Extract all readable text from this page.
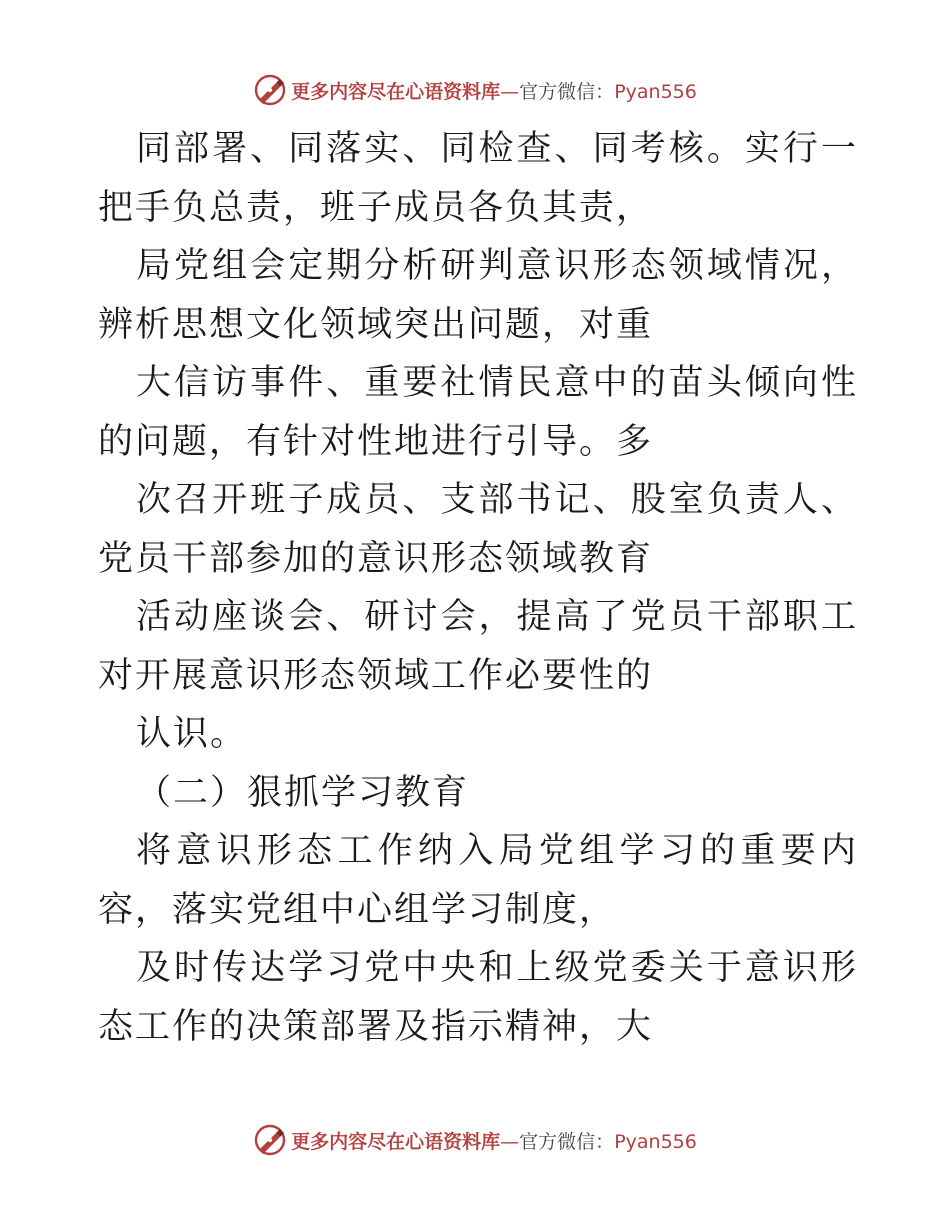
更多内容尽在心语资料库 — 官方微信： Pyan556

同部署、同落实、同检查、同考核。实行一把手负总责，班子成员各负其责，

局党组会定期分析研判意识形态领域情况，辨析思想文化领域突出问题，对重

大信访事件、重要社情民意中的苗头倾向性的问题，有针对性地进行引导。多

次召开班子成员、支部书记、股室负责人、党员干部参加的意识形态领域教育

活动座谈会、研讨会，提高了党员干部职工对开展意识形态领域工作必要性的

认识。

（二）狠抓学习教育

将意识形态工作纳入局党组学习的重要内容，落实党组中心组学习制度，

及时传达学习党中央和上级党委关于意识形态工作的决策部署及指示精神，大

更多内容尽在心语资料库 — 官方微信： Pyan556
